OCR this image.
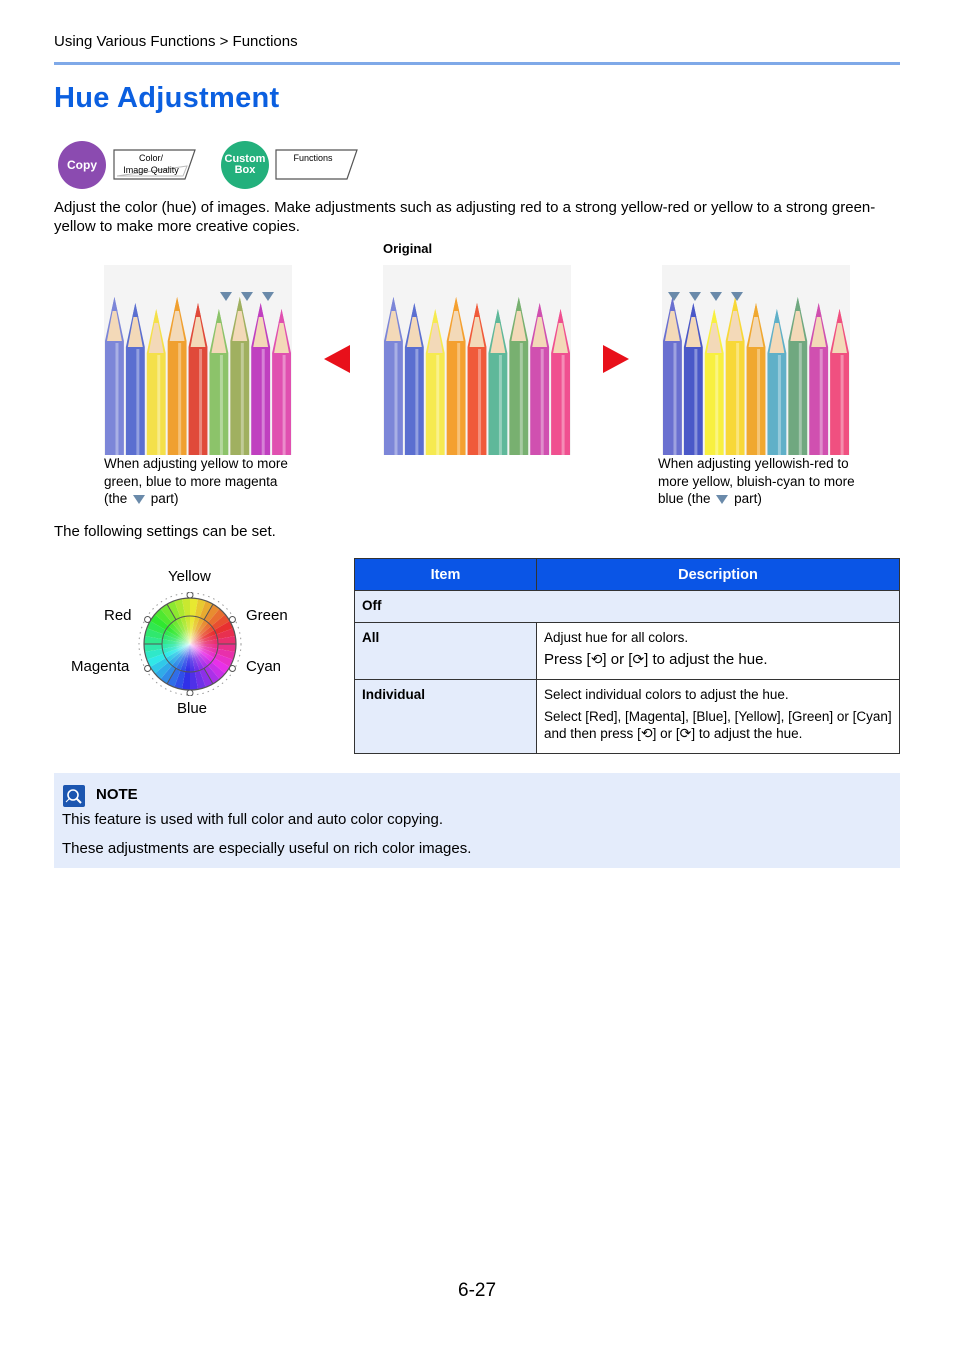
Using Various Functions > Functions
Hue Adjustment
Copy	Color/
Image Quality
Custom
Box
Functions

Adjust the color (hue) of images. Make adjustments such as adjusting red to a strong yellow-red or yellow to a strong green-yellow to make more creative copies.

Original
When adjusting yellow to more green, blue to more magenta (the part)
When adjusting yellowish-red to more yellow, bluish-cyan to more blue (the part)
The following settings can be set.
Yellow
Red	Green
Magenta	Cyan
Blue
Item	Description
Off	
All	Adjust hue for all colors.

Press [⟲] or [⟳] to adjust the hue.

Individual	Select individual colors to adjust the hue.

Select [Red], [Magenta], [Blue], [Yellow], [Green] or [Cyan] and then press [⟲] or [⟳] to adjust the hue.

NOTE
This feature is used with full color and auto color copying.
These adjustments are especially useful on rich color images.
6-27
